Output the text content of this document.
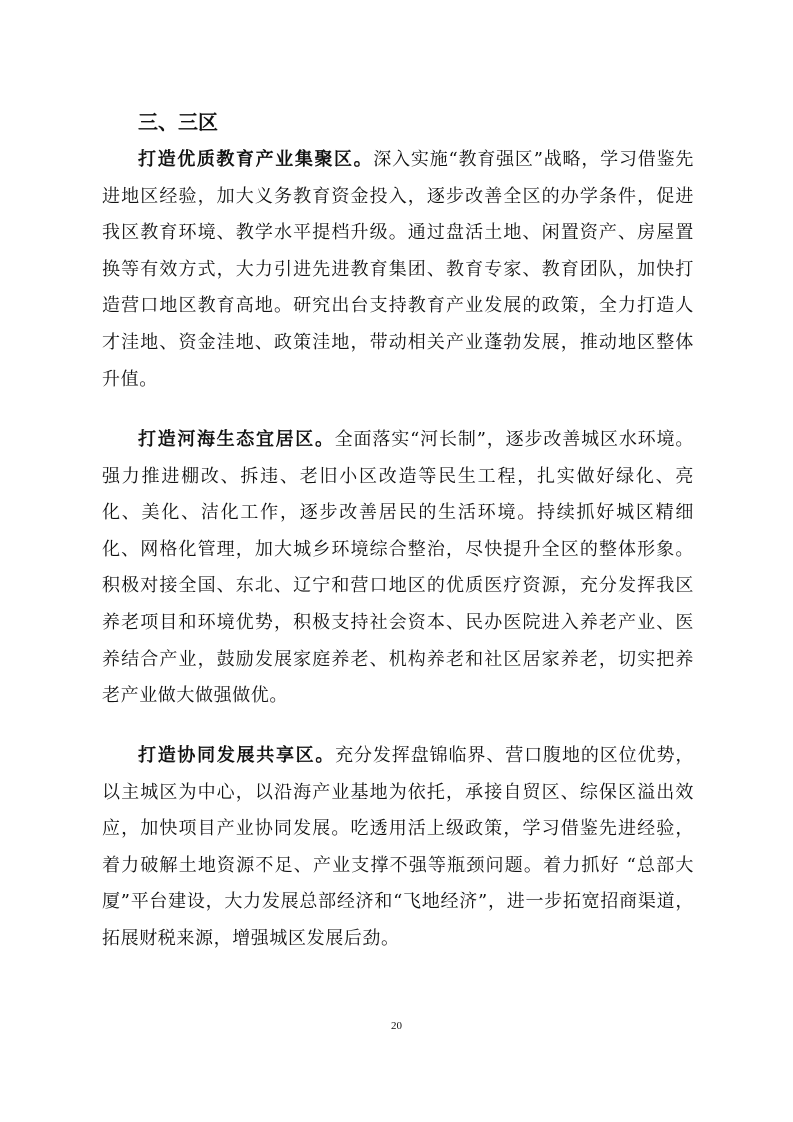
三、三区

打造优质教育产业集聚区。深入实施“教育强区”战略，学习借鉴先进地区经验，加大义务教育资金投入，逐步改善全区的办学条件，促进我区教育环境、教学水平提档升级。通过盘活土地、闲置资产、房屋置换等有效方式，大力引进先进教育集团、教育专家、教育团队，加快打造营口地区教育高地。研究出台支持教育产业发展的政策，全力打造人才洼地、资金洼地、政策洼地，带动相关产业蓬勃发展，推动地区整体升值。

打造河海生态宜居区。全面落实“河长制”，逐步改善城区水环境。强力推进棚改、拆违、老旧小区改造等民生工程，扎实做好绿化、亮化、美化、洁化工作，逐步改善居民的生活环境。持续抓好城区精细化、网格化管理，加大城乡环境综合整治，尽快提升全区的整体形象。积极对接全国、东北、辽宁和营口地区的优质医疗资源，充分发挥我区养老项目和环境优势，积极支持社会资本、民办医院进入养老产业、医养结合产业，鼓励发展家庭养老、机构养老和社区居家养老，切实把养老产业做大做强做优。

打造协同发展共享区。充分发挥盘锦临界、营口腹地的区位优势，以主城区为中心，以沿海产业基地为依托，承接自贸区、综保区溢出效应，加快项目产业协同发展。吃透用活上级政策，学习借鉴先进经验，着力破解土地资源不足、产业支撑不强等瓶颈问题。着力抓好 “总部大厦”平台建设，大力发展总部经济和“飞地经济”，进一步拓宽招商渠道，拓展财税来源，增强城区发展后劲。

20
